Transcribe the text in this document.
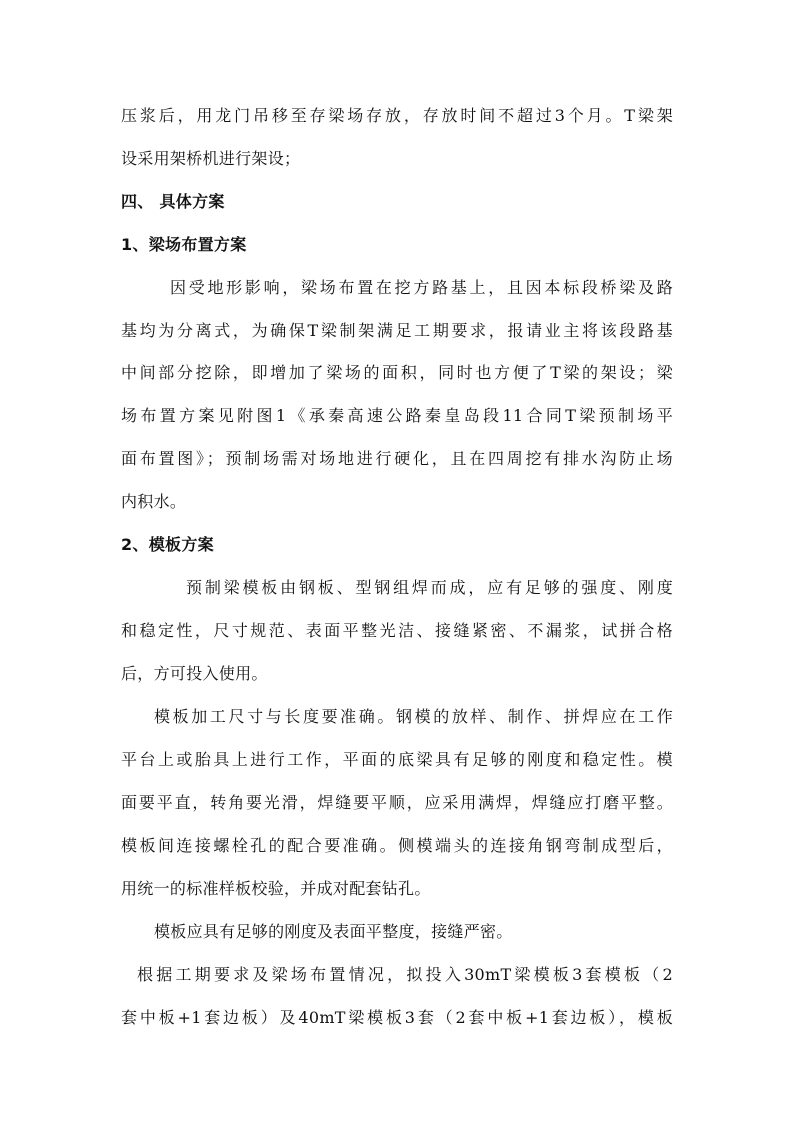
压浆后，用龙门吊移至存梁场存放，存放时间不超过3个月。T梁架
设采用架桥机进行架设；
四、 具体方案
1、梁场布置方案
因受地形影响，梁场布置在挖方路基上，且因本标段桥梁及路
基均为分离式，为确保T梁制架满足工期要求，报请业主将该段路基
中间部分挖除，即增加了梁场的面积，同时也方便了T梁的架设；梁
场布置方案见附图1《承秦高速公路秦皇岛段11合同T梁预制场平
面布置图》；预制场需对场地进行硬化，且在四周挖有排水沟防止场
内积水。
2、模板方案
预制梁模板由钢板、型钢组焊而成，应有足够的强度、刚度
和稳定性，尺寸规范、表面平整光洁、接缝紧密、不漏浆，试拼合格
后，方可投入使用。
模板加工尺寸与长度要准确。钢模的放样、制作、拼焊应在工作
平台上或胎具上进行工作，平面的底梁具有足够的刚度和稳定性。模
面要平直，转角要光滑，焊缝要平顺，应采用满焊，焊缝应打磨平整。
模板间连接螺栓孔的配合要准确。侧模端头的连接角钢弯制成型后，
用统一的标准样板校验，并成对配套钻孔。
模板应具有足够的刚度及表面平整度，接缝严密。
根据工期要求及梁场布置情况，拟投入30mT梁模板3套模板（2
套中板+1套边板）及40mT梁模板3套（2套中板+1套边板），模板
